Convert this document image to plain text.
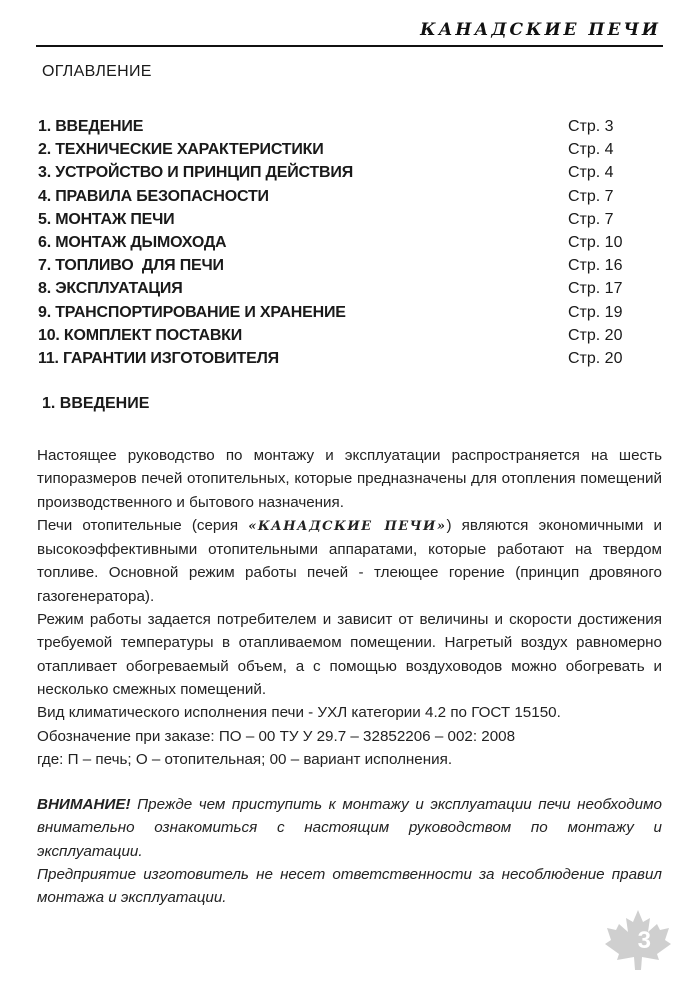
КАНАДСКИЕ ПЕЧИ
ОГЛАВЛЕНИЕ
1. ВВЕДЕНИЕ	Стр. 3
2. ТЕХНИЧЕСКИЕ ХАРАКТЕРИСТИКИ	Стр. 4
3. УСТРОЙСТВО И ПРИНЦИП ДЕЙСТВИЯ	Стр. 4
4. ПРАВИЛА БЕЗОПАСНОСТИ	Стр. 7
5. МОНТАЖ ПЕЧИ	Стр. 7
6. МОНТАЖ ДЫМОХОДА	Стр. 10
7. ТОПЛИВО  ДЛЯ ПЕЧИ	Стр. 16
8. ЭКСПЛУАТАЦИЯ	Стр. 17
9. ТРАНСПОРТИРОВАНИЕ И ХРАНЕНИЕ	Стр. 19
10. КОМПЛЕКТ ПОСТАВКИ	Стр. 20
11. ГАРАНТИИ ИЗГОТОВИТЕЛЯ	Стр. 20
1. ВВЕДЕНИЕ

Настоящее руководство по монтажу и эксплуатации распространяется на шесть типоразмеров печей отопительных, которые предназначены для отопления помещений производственного и бытового назначения.

Печи отопительные (серия «КАНАДСКИЕ ПЕЧИ») являются экономичными и высокоэффективными отопительными аппаратами, которые работают на твердом топливе. Основной режим работы печей - тлеющее горение (принцип дровяного газогенератора).

Режим работы задается потребителем и зависит от величины и скорости достижения требуемой температуры в отапливаемом помещении. Нагретый воздух равномерно отапливает обогреваемый объем, а с помощью воздуховодов можно обогревать и несколько смежных помещений.

Вид климатического исполнения печи - УХЛ категории 4.2 по ГОСТ 15150.

Обозначение при заказе: ПО – 00 ТУ У 29.7 – 32852206 – 002: 2008

где: П – печь; О – отопительная; 00 – вариант исполнения.

ВНИМАНИЕ! Прежде чем приступить к монтажу и эксплуатации печи необходимо внимательно ознакомиться с настоящим руководством по монтажу и эксплуатации.

Предприятие изготовитель не несет ответственности за несоблюдение правил монтажа и эксплуатации.

3
